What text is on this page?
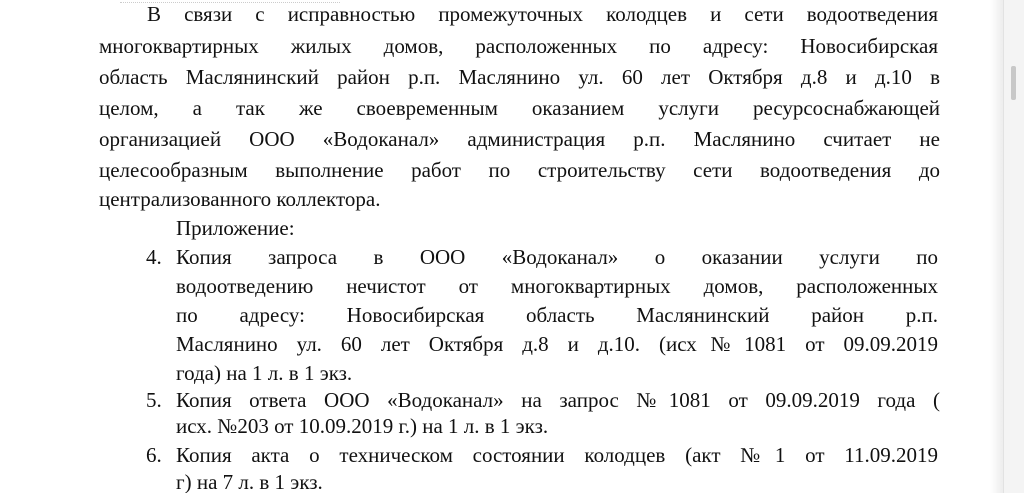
В связи с исправностью промежуточных колодцев и сети водоотведения

многоквартирных жилых домов, расположенных по адресу: Новосибирская

область Маслянинский район р.п. Маслянино ул. 60 лет Октября д.8 и д.10 в

целом, а так же своевременным оказанием услуги ресурсоснабжающей

организацией ООО «Водоканал» администрация р.п. Маслянино считает не

целесообразным выполнение работ по строительству сети водоотведения до

централизованного коллектора.

Приложение:

4. Копия запроса в ООО «Водоканал» о оказании услуги по

водоотведению нечистот от многоквартирных домов, расположенных

по адресу: Новосибирская область Маслянинский район р.п.

Маслянино ул. 60 лет Октября д.8 и д.10. (исх№1081 от 09.09.2019

года) на 1 л. в 1 экз.

5. Копия ответа ООО «Водоканал» на запрос №1081 от 09.09.2019 года (

исх. №203 от 10.09.2019 г.) на 1 л. в 1 экз.

6. Копия акта о техническом состоянии колодцев (акт №1 от 11.09.2019

г) на 7 л. в 1 экз.
